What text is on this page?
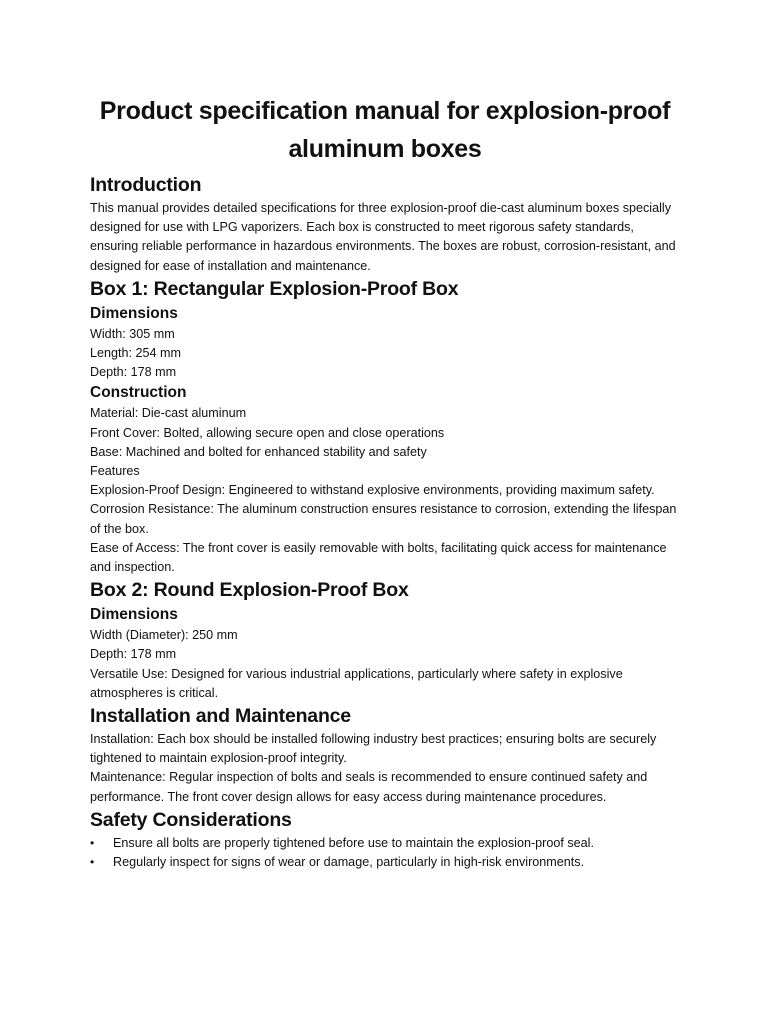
Product specification manual for explosion-proof aluminum boxes
Introduction

This manual provides detailed specifications for three explosion-proof die-cast aluminum boxes specially designed for use with LPG vaporizers. Each box is constructed to meet rigorous safety standards, ensuring reliable performance in hazardous environments. The boxes are robust, corrosion-resistant, and designed for ease of installation and maintenance.

Box 1: Rectangular Explosion-Proof Box
Dimensions

Width: 305 mm

Length: 254 mm

Depth: 178 mm

Construction

Material: Die-cast aluminum

Front Cover: Bolted, allowing secure open and close operations

Base: Machined and bolted for enhanced stability and safety

Features

Explosion-Proof Design: Engineered to withstand explosive environments, providing maximum safety.

Corrosion Resistance: The aluminum construction ensures resistance to corrosion, extending the lifespan of the box.

Ease of Access: The front cover is easily removable with bolts, facilitating quick access for maintenance and inspection.

Box 2: Round Explosion-Proof Box
Dimensions

Width (Diameter): 250 mm

Depth: 178 mm

Versatile Use: Designed for various industrial applications, particularly where safety in explosive atmospheres is critical.

Installation and Maintenance

Installation: Each box should be installed following industry best practices; ensuring bolts are securely tightened to maintain explosion-proof integrity.

Maintenance: Regular inspection of bolts and seals is recommended to ensure continued safety and performance. The front cover design allows for easy access during maintenance procedures.

Safety Considerations
• Ensure all bolts are properly tightened before use to maintain the explosion-proof seal.
• Regularly inspect for signs of wear or damage, particularly in high-risk environments.
